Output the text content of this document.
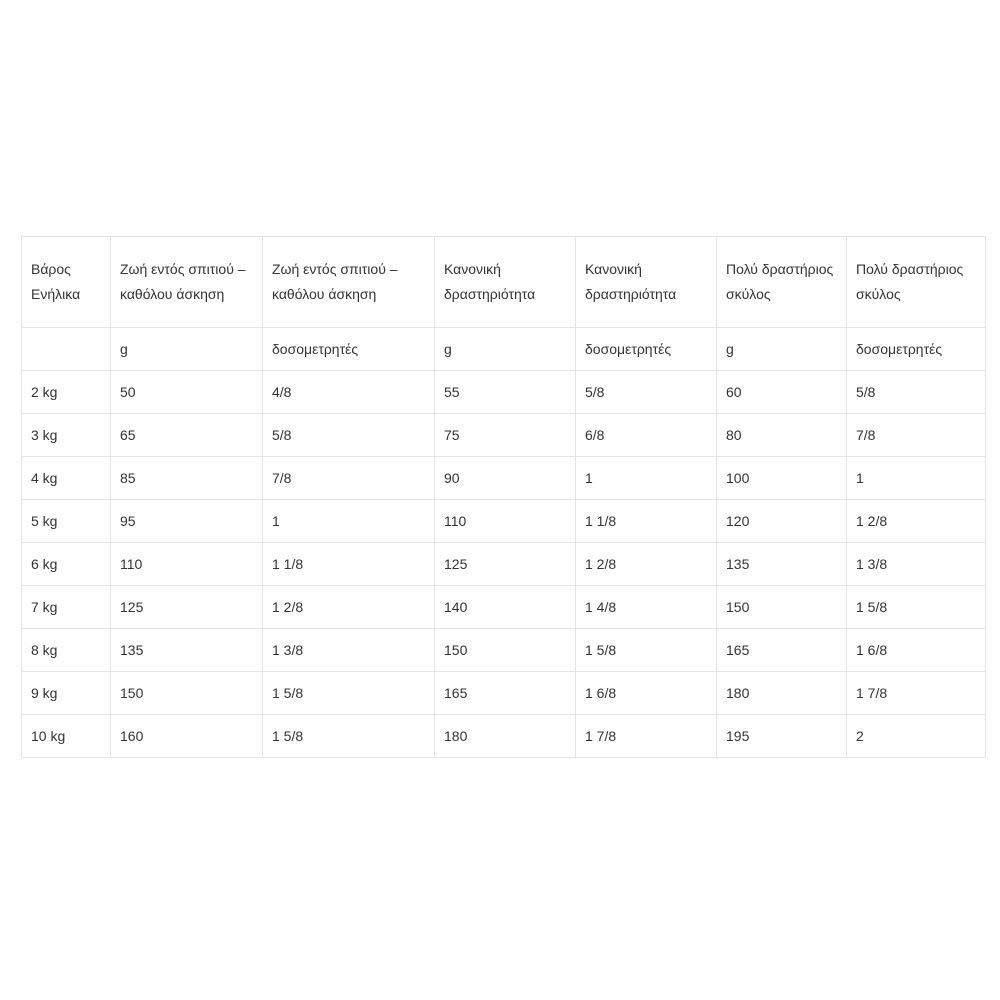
Βάρος Ενήλικα	Ζωή εντός σπιτιού – καθόλου άσκηση	Ζωή εντός σπιτιού – καθόλου άσκηση	Κανονική δραστηριότητα	Κανονική δραστηριότητα	Πολύ δραστήριος σκύλος	Πολύ δραστήριος σκύλος
	g	δοσομετρητές	g	δοσομετρητές	g	δοσομετρητές
2 kg	50	4/8	55	5/8	60	5/8
3 kg	65	5/8	75	6/8	80	7/8
4 kg	85	7/8	90	1	100	1
5 kg	95	1	110	1 1/8	120	1 2/8
6 kg	110	1 1/8	125	1 2/8	135	1 3/8
7 kg	125	1 2/8	140	1 4/8	150	1 5/8
8 kg	135	1 3/8	150	1 5/8	165	1 6/8
9 kg	150	1 5/8	165	1 6/8	180	1 7/8
10 kg	160	1 5/8	180	1 7/8	195	2
